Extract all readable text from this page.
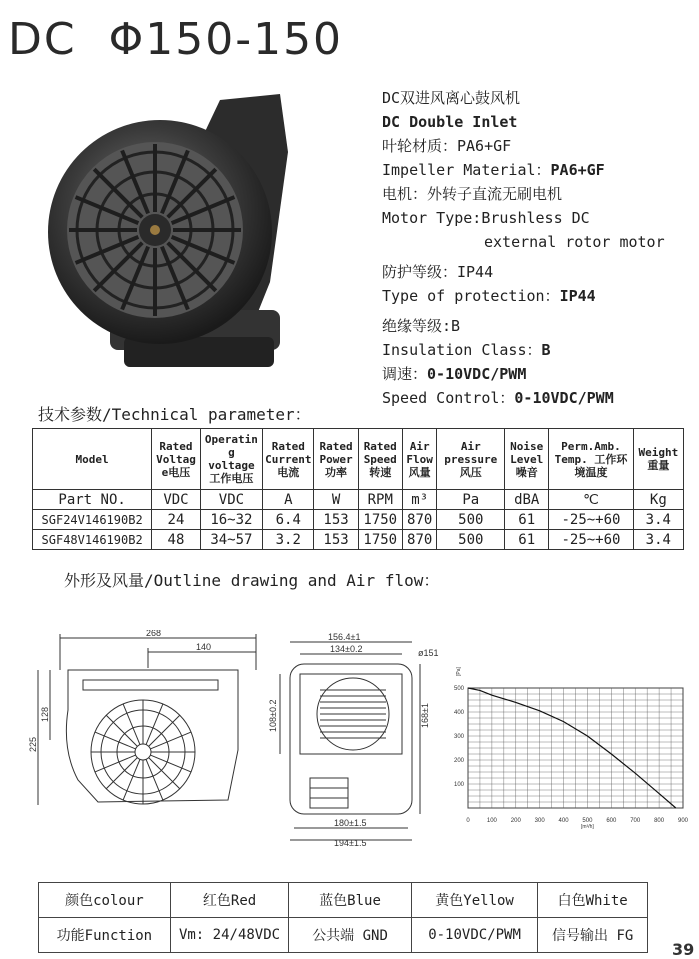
DC  Φ150-150
DC双进风离心鼓风机
DC Double Inlet
叶轮材质：PA6+GF
Impeller Material：PA6+GF
电机：外转子直流无刷电机
Motor Type:Brushless DC
external rotor motor
防护等级：IP44
Type of protection：IP44
绝缘等级:B
Insulation Class：B
调速：0-10VDC/PWM
Speed Control：0-10VDC/PWM
技术参数/Technical parameter：
Model	Rated Voltag e电压	Operatin g voltage 工作电压	Rated Current 电流	Rated Power 功率	Rated Speed 转速	Air Flow 风量	Air pressure 风压	Noise Level 噪音	Perm.Amb. Temp. 工作环境温度	Weight 重量
Part NO.	VDC	VDC	A	W	RPM	m³	Pa	dBA	℃	Kg
SGF24V146190B2	24	16~32	6.4	153	1750	870	500	61	-25~+60	3.4
SGF48V146190B2	48	34~57	3.2	153	1750	870	500	61	-25~+60	3.4
外形及风量/Outline drawing and Air flow：
268
140
128
225
156.4±1
134±0.2	ø151
108±0.2	168±1
180±1.5
194±1.5
0	100 200 300 400 500 600 700 800 900
100
200
300
400
500
[Pa]
[m³/h]
颜色colour	红色Red	蓝色Blue	黄色Yellow	白色White
功能Function	Vm: 24/48VDC	公共端 GND	0-10VDC/PWM	信号输出 FG
39
